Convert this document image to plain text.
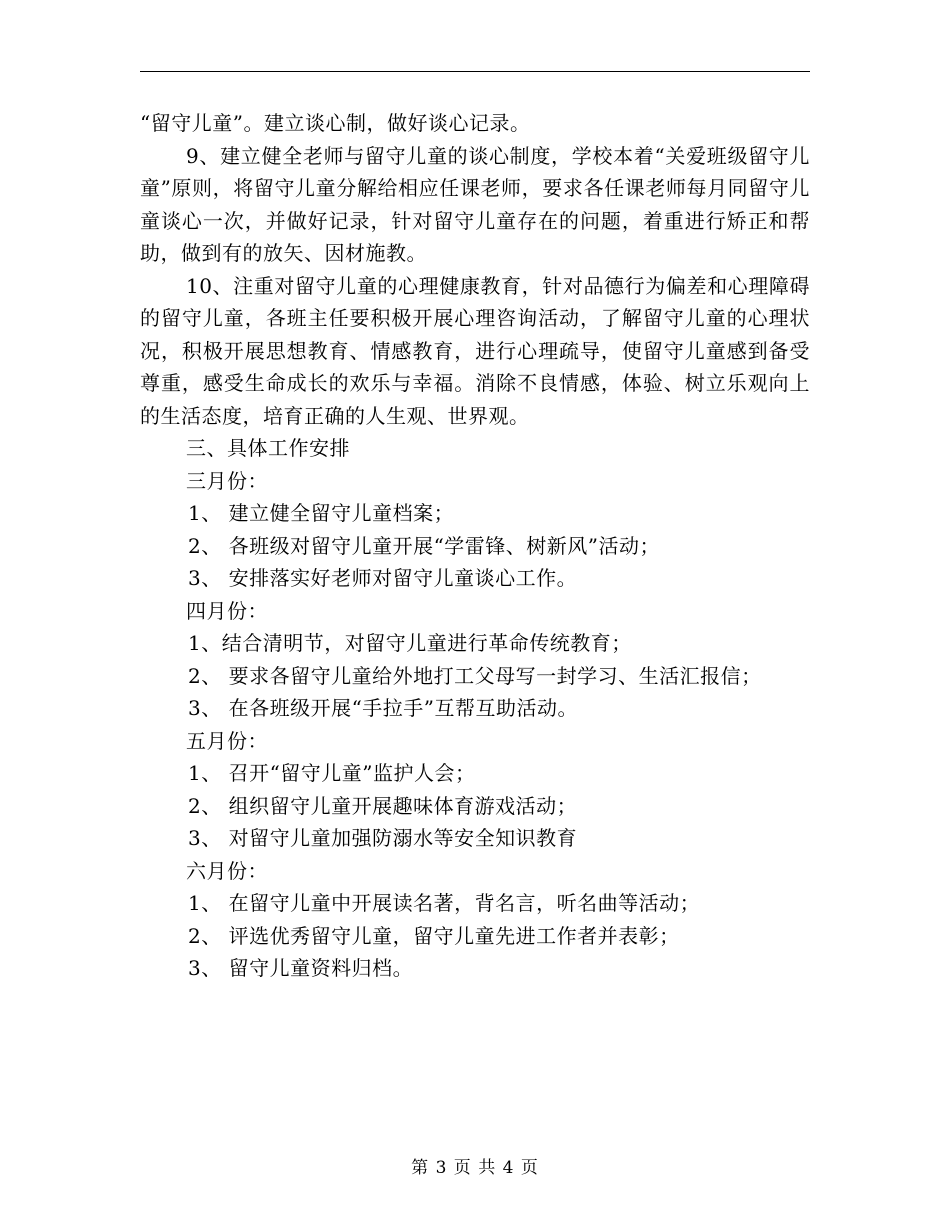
“留守儿童”。建立谈心制，做好谈心记录。

9、建立健全老师与留守儿童的谈心制度，学校本着“关爱班级留守儿童”原则，将留守儿童分解给相应任课老师，要求各任课老师每月同留守儿童谈心一次，并做好记录，针对留守儿童存在的问题，着重进行矫正和帮助，做到有的放矢、因材施教。

10、注重对留守儿童的心理健康教育，针对品德行为偏差和心理障碍的留守儿童，各班主任要积极开展心理咨询活动，了解留守儿童的心理状况，积极开展思想教育、情感教育，进行心理疏导，使留守儿童感到备受尊重，感受生命成长的欢乐与幸福。消除不良情感，体验、树立乐观向上的生活态度，培育正确的人生观、世界观。

三、具体工作安排

三月份：

1、 建立健全留守儿童档案；

2、 各班级对留守儿童开展“学雷锋、树新风”活动；

3、 安排落实好老师对留守儿童谈心工作。

四月份：

1、结合清明节，对留守儿童进行革命传统教育；

2、 要求各留守儿童给外地打工父母写一封学习、生活汇报信；

3、 在各班级开展“手拉手”互帮互助活动。

五月份：

1、 召开“留守儿童”监护人会；

2、 组织留守儿童开展趣味体育游戏活动；

3、 对留守儿童加强防溺水等安全知识教育

六月份：

1、 在留守儿童中开展读名著，背名言，听名曲等活动；

2、 评选优秀留守儿童，留守儿童先进工作者并表彰；

3、 留守儿童资料归档。

第 3 页 共 4 页
